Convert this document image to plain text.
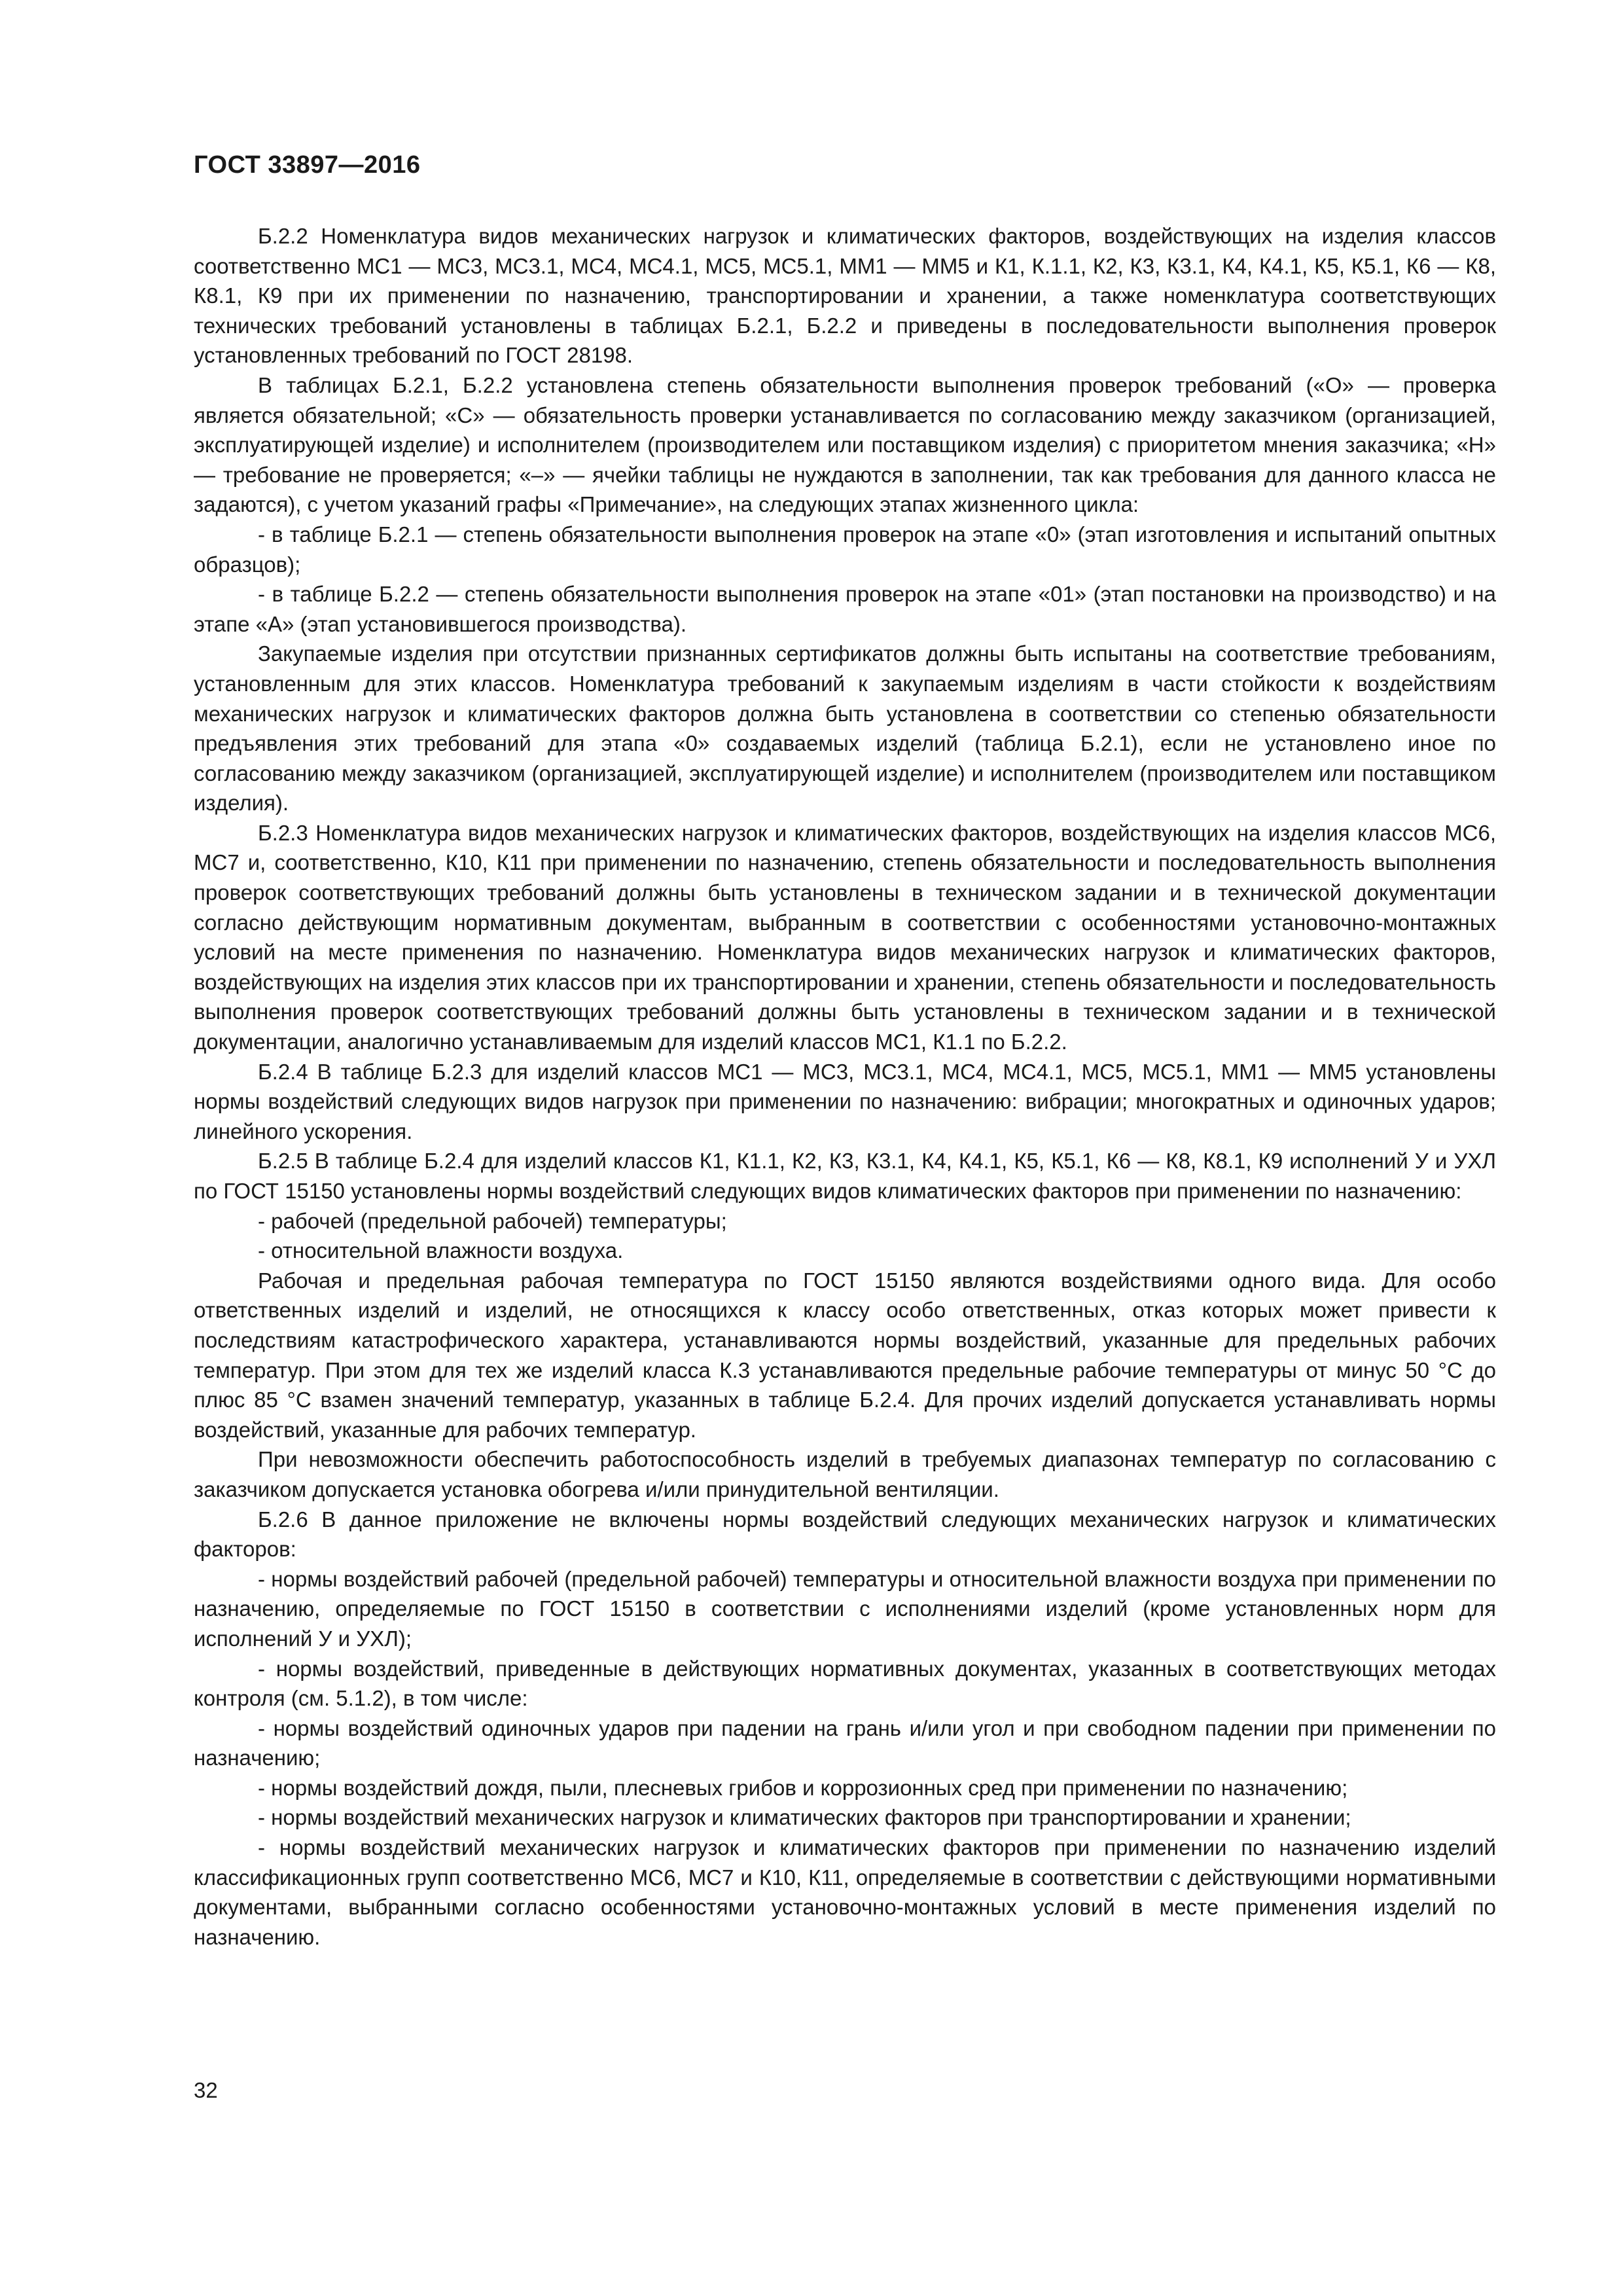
ГОСТ 33897—2016

Б.2.2 Номенклатура видов механических нагрузок и климатических факторов, воздействующих на изделия классов соответственно МС1 — МС3, МС3.1, МС4, МС4.1, МС5, МС5.1, ММ1 — ММ5 и К1, К.1.1, К2, К3, К3.1, К4, К4.1, К5, К5.1, К6 — К8, К8.1, К9 при их применении по назначению, транспортировании и хранении, а также номенклатура соответствующих технических требований установлены в таблицах Б.2.1, Б.2.2 и приведены в последовательности выполнения проверок установленных требований по ГОСТ 28198.

В таблицах Б.2.1, Б.2.2 установлена степень обязательности выполнения проверок требований («О» — проверка является обязательной; «С» — обязательность проверки устанавливается по согласованию между заказчиком (организацией, эксплуатирующей изделие) и исполнителем (производителем или поставщиком изделия) с приоритетом мнения заказчика; «Н» — требование не проверяется; «–» — ячейки таблицы не нуждаются в заполнении, так как требования для данного класса не задаются), с учетом указаний графы «Примечание», на следующих этапах жизненного цикла:

- в таблице Б.2.1 — степень обязательности выполнения проверок на этапе «0» (этап изготовления и испытаний опытных образцов);

- в таблице Б.2.2 — степень обязательности выполнения проверок на этапе «01» (этап постановки на производство) и на этапе «А» (этап установившегося производства).

Закупаемые изделия при отсутствии признанных сертификатов должны быть испытаны на соответствие требованиям, установленным для этих классов. Номенклатура требований к закупаемым изделиям в части стойкости к воздействиям механических нагрузок и климатических факторов должна быть установлена в соответствии со степенью обязательности предъявления этих требований для этапа «0» создаваемых изделий (таблица Б.2.1), если не установлено иное по согласованию между заказчиком (организацией, эксплуатирующей изделие) и исполнителем (производителем или поставщиком изделия).

Б.2.3 Номенклатура видов механических нагрузок и климатических факторов, воздействующих на изделия классов МС6, МС7 и, соответственно, К10, К11 при применении по назначению, степень обязательности и последовательность выполнения проверок соответствующих требований должны быть установлены в техническом задании и в технической документации согласно действующим нормативным документам, выбранным в соответствии с особенностями установочно-монтажных условий на месте применения по назначению. Номенклатура видов механических нагрузок и климатических факторов, воздействующих на изделия этих классов при их транспортировании и хранении, степень обязательности и последовательность выполнения проверок соответствующих требований должны быть установлены в техническом задании и в технической документации, аналогично устанавливаемым для изделий классов МС1, К1.1 по Б.2.2.

Б.2.4 В таблице Б.2.3 для изделий классов МС1 — МС3, МС3.1, МС4, МС4.1, МС5, МС5.1, ММ1 — ММ5 установлены нормы воздействий следующих видов нагрузок при применении по назначению: вибрации; многократных и одиночных ударов; линейного ускорения.

Б.2.5 В таблице Б.2.4 для изделий классов К1, К1.1, К2, К3, К3.1, К4, К4.1, К5, К5.1, К6 — К8, К8.1, К9 исполнений У и УХЛ по ГОСТ 15150 установлены нормы воздействий следующих видов климатических факторов при применении по назначению:

- рабочей (предельной рабочей) температуры;

- относительной влажности воздуха.

Рабочая и предельная рабочая температура по ГОСТ 15150 являются воздействиями одного вида. Для особо ответственных изделий и изделий, не относящихся к классу особо ответственных, отказ которых может привести к последствиям катастрофического характера, устанавливаются нормы воздействий, указанные для предельных рабочих температур. При этом для тех же изделий класса К.3 устанавливаются предельные рабочие температуры от минус 50 °С до плюс 85 °С взамен значений температур, указанных в таблице Б.2.4. Для прочих изделий допускается устанавливать нормы воздействий, указанные для рабочих температур.

При невозможности обеспечить работоспособность изделий в требуемых диапазонах температур по согласованию с заказчиком допускается установка обогрева и/или принудительной вентиляции.

Б.2.6 В данное приложение не включены нормы воздействий следующих механических нагрузок и климатических факторов:

- нормы воздействий рабочей (предельной рабочей) температуры и относительной влажности воздуха при применении по назначению, определяемые по ГОСТ 15150 в соответствии с исполнениями изделий (кроме установленных норм для исполнений У и УХЛ);

- нормы воздействий, приведенные в действующих нормативных документах, указанных в соответствующих методах контроля (см. 5.1.2), в том числе:

- нормы воздействий одиночных ударов при падении на грань и/или угол и при свободном падении при применении по назначению;

- нормы воздействий дождя, пыли, плесневых грибов и коррозионных сред при применении по назначению;

- нормы воздействий механических нагрузок и климатических факторов при транспортировании и хранении;

- нормы воздействий механических нагрузок и климатических факторов при применении по назначению изделий классификационных групп соответственно МС6, МС7 и К10, К11, определяемые в соответствии с действующими нормативными документами, выбранными согласно особенностями установочно-монтажных условий в месте применения изделий по назначению.

32
